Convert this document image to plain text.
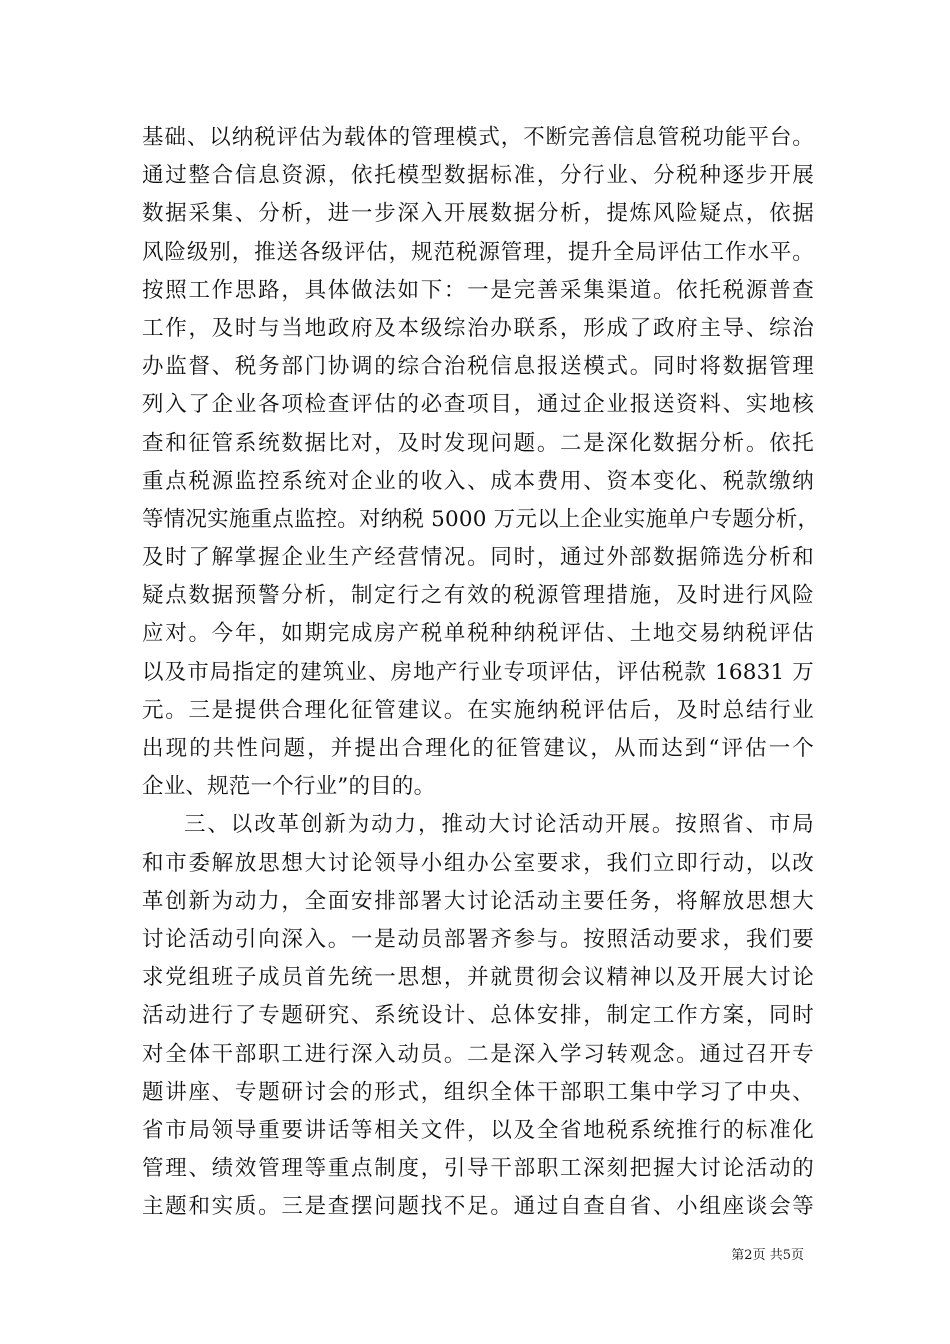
基础、以纳税评估为载体的管理模式，不断完善信息管税功能平台。
通过整合信息资源，依托模型数据标准，分行业、分税种逐步开展
数据采集、分析，进一步深入开展数据分析，提炼风险疑点，依据
风险级别，推送各级评估，规范税源管理，提升全局评估工作水平。
按照工作思路，具体做法如下：一是完善采集渠道。依托税源普查
工作，及时与当地政府及本级综治办联系，形成了政府主导、综治
办监督、税务部门协调的综合治税信息报送模式。同时将数据管理
列入了企业各项检查评估的必查项目，通过企业报送资料、实地核
查和征管系统数据比对，及时发现问题。二是深化数据分析。依托
重点税源监控系统对企业的收入、成本费用、资本变化、税款缴纳
等情况实施重点监控。对纳税 5000 万元以上企业实施单户专题分析，
及时了解掌握企业生产经营情况。同时，通过外部数据筛选分析和
疑点数据预警分析，制定行之有效的税源管理措施，及时进行风险
应对。今年，如期完成房产税单税种纳税评估、土地交易纳税评估
以及市局指定的建筑业、房地产行业专项评估，评估税款 16831 万
元。三是提供合理化征管建议。在实施纳税评估后，及时总结行业
出现的共性问题，并提出合理化的征管建议，从而达到“评估一个
企业、规范一个行业”的目的。
三、以改革创新为动力，推动大讨论活动开展。按照省、市局
和市委解放思想大讨论领导小组办公室要求，我们立即行动，以改
革创新为动力，全面安排部署大讨论活动主要任务，将解放思想大
讨论活动引向深入。一是动员部署齐参与。按照活动要求，我们要
求党组班子成员首先统一思想，并就贯彻会议精神以及开展大讨论
活动进行了专题研究、系统设计、总体安排，制定工作方案，同时
对全体干部职工进行深入动员。二是深入学习转观念。通过召开专
题讲座、专题研讨会的形式，组织全体干部职工集中学习了中央、
省市局领导重要讲话等相关文件，以及全省地税系统推行的标准化
管理、绩效管理等重点制度，引导干部职工深刻把握大讨论活动的
主题和实质。三是查摆问题找不足。通过自查自省、小组座谈会等
第2页 共5页
